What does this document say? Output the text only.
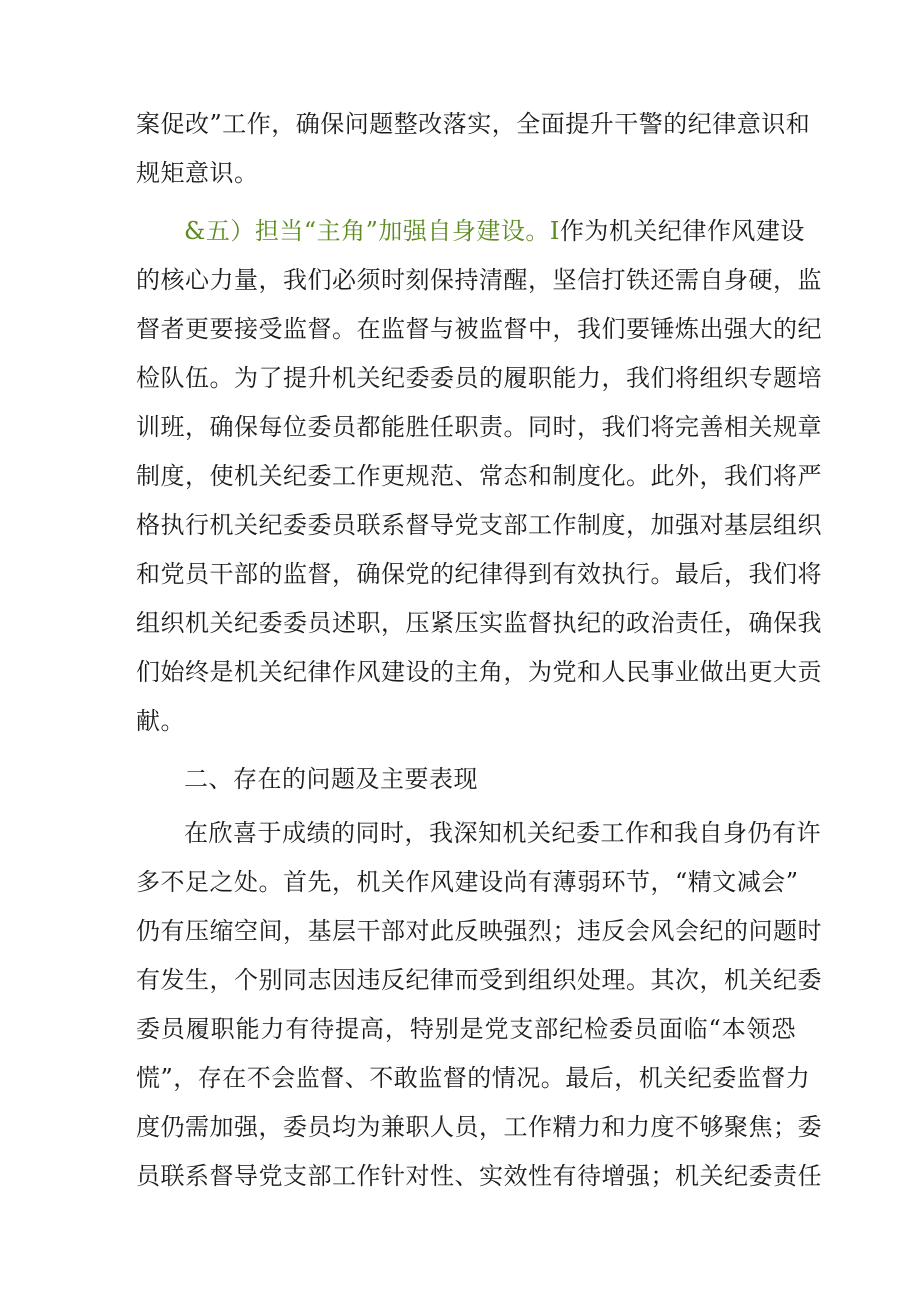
案促改”工作，确保问题整改落实，全面提升干警的纪律意识和
规矩意识。
&五）担当“主角”加强自身建设。I作为机关纪律作风建设
的核心力量，我们必须时刻保持清醒，坚信打铁还需自身硬，监
督者更要接受监督。在监督与被监督中，我们要锤炼出强大的纪
检队伍。为了提升机关纪委委员的履职能力，我们将组织专题培
训班，确保每位委员都能胜任职责。同时，我们将完善相关规章
制度，使机关纪委工作更规范、常态和制度化。此外，我们将严
格执行机关纪委委员联系督导党支部工作制度，加强对基层组织
和党员干部的监督，确保党的纪律得到有效执行。最后，我们将
组织机关纪委委员述职，压紧压实监督执纪的政治责任，确保我
们始终是机关纪律作风建设的主角，为党和人民事业做出更大贡
献。
二、存在的问题及主要表现
在欣喜于成绩的同时，我深知机关纪委工作和我自身仍有许
多不足之处。首先，机关作风建设尚有薄弱环节，“精文减会”
仍有压缩空间，基层干部对此反映强烈；违反会风会纪的问题时
有发生，个别同志因违反纪律而受到组织处理。其次，机关纪委
委员履职能力有待提高，特别是党支部纪检委员面临“本领恐
慌”，存在不会监督、不敢监督的情况。最后，机关纪委监督力
度仍需加强，委员均为兼职人员，工作精力和力度不够聚焦；委
员联系督导党支部工作针对性、实效性有待增强；机关纪委责任
